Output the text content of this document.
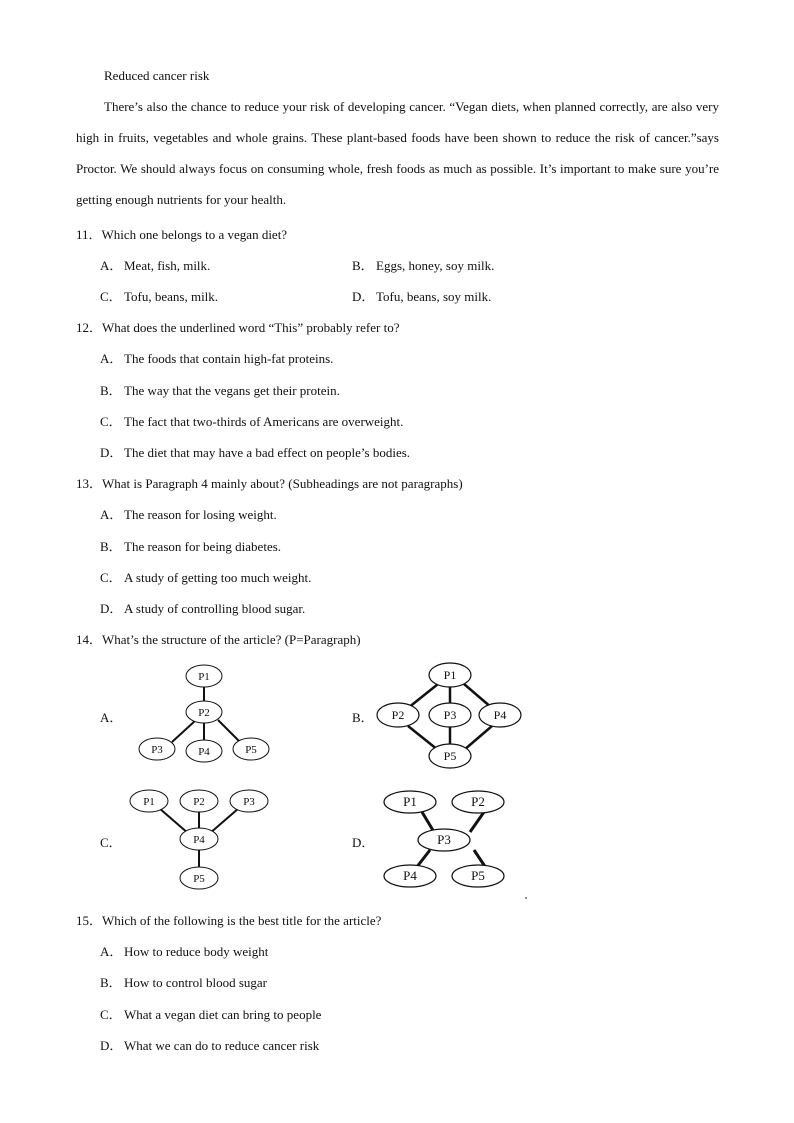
Reduced cancer risk
There’s also the chance to reduce your risk of developing cancer. “Vegan diets, when planned correctly, are also very high in fruits, vegetables and whole grains. These plant-based foods have been shown to reduce the risk of cancer.”says Proctor. We should always focus on consuming whole, fresh foods as much as possible. It’s important to make sure you’re getting enough nutrients for your health.
11．Which one belongs to a vegan diet?
A． Meat, fish, milk.	B． Eggs, honey, soy milk.
C． Tofu, beans, milk.	D． Tofu, beans, soy milk.
12．What does the underlined word “This” probably refer to?
A． The foods that contain high-fat proteins.
B． The way that the vegans get their protein.
C． The fact that two-thirds of Americans are overweight.
D． The diet that may have a bad effect on people’s bodies.
13．What is Paragraph 4 mainly about? (Subheadings are not paragraphs)
A． The reason for losing weight.
B． The reason for being diabetes.
C． A study of getting too much weight.
D． A study of controlling blood sugar.
14．What’s the structure of the article? (P=Paragraph)
A．	B．
C．	D．
P1
P2
P3	P4	P5
P1
P2	P3	P4
P5
P1	P2	P3
P4
P5
P1	P2
P3
P4	P5
15．Which of the following is the best title for the article?
A． How to reduce body weight
B． How to control blood sugar
C． What a vegan diet can bring to people
D． What we can do to reduce cancer risk
